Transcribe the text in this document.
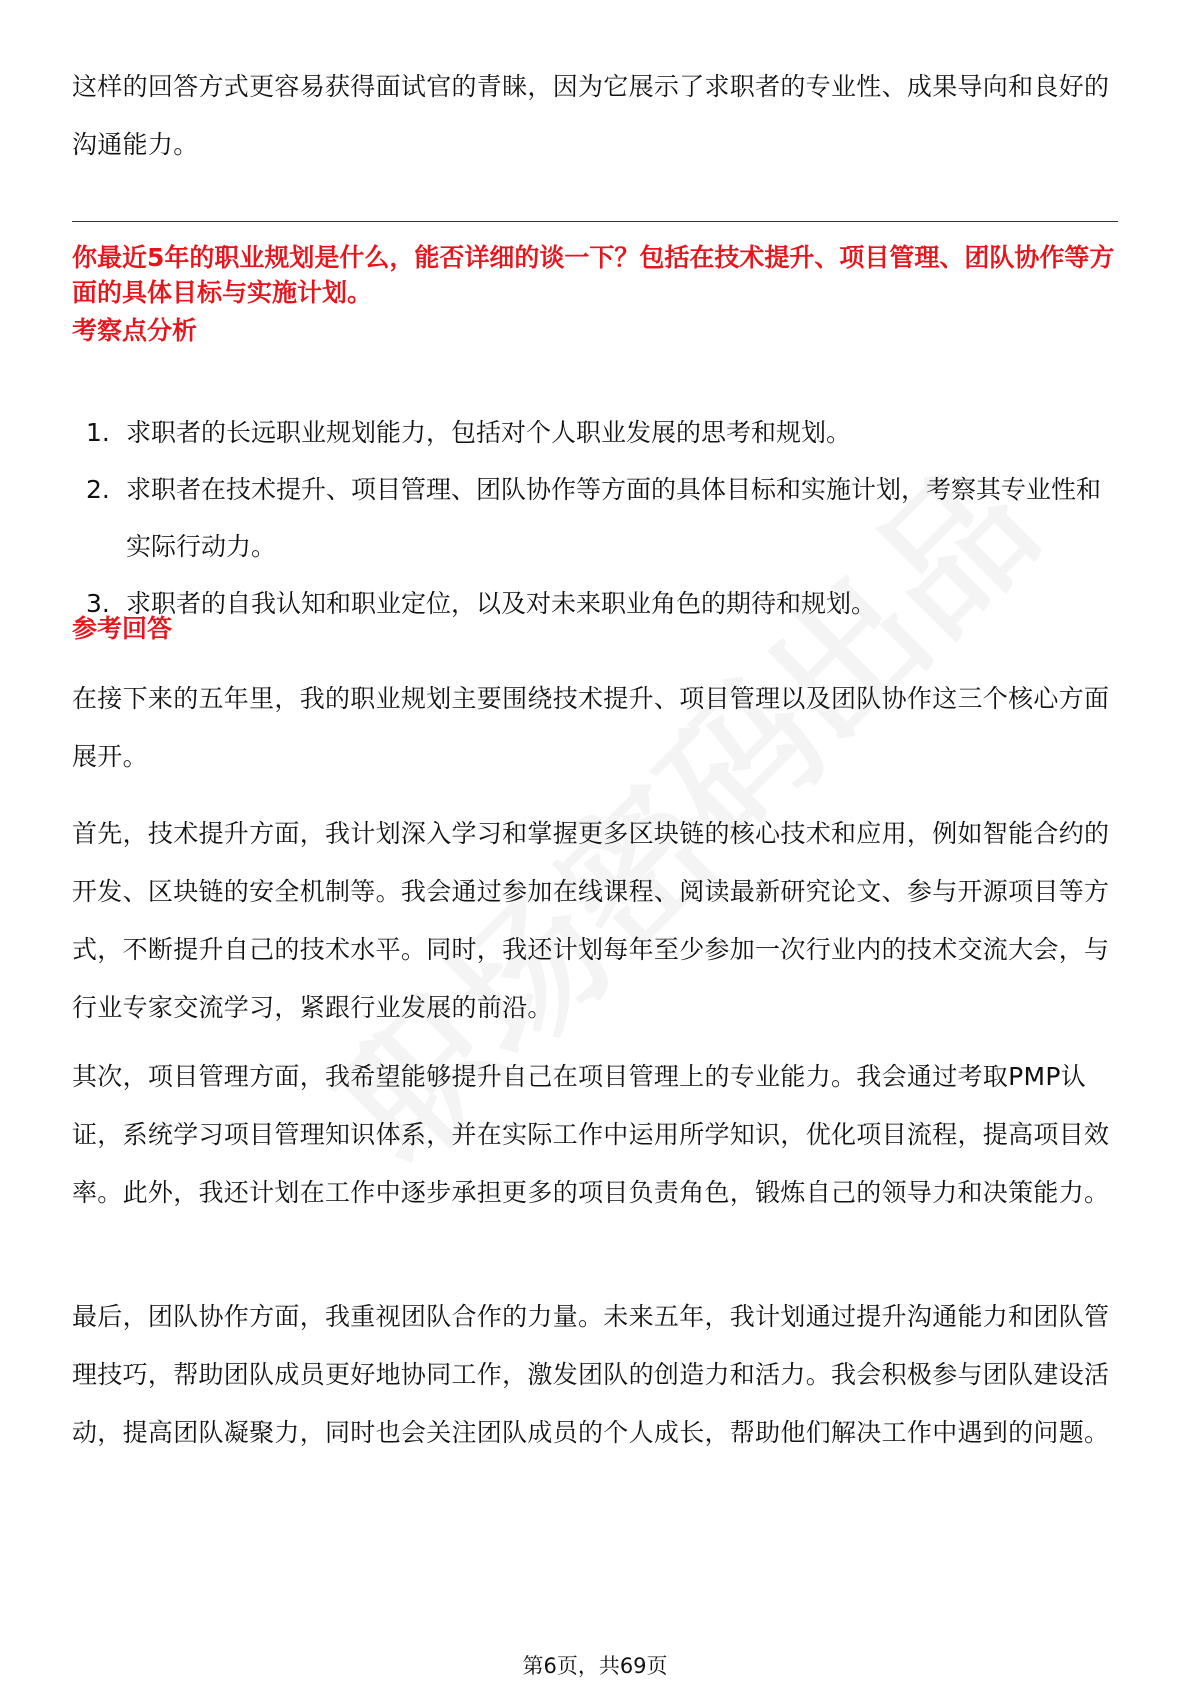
这样的回答方式更容易获得面试官的青睐，因为它展示了求职者的专业性、成果导向和良好的沟通能力。

你最近5年的职业规划是什么，能否详细的谈一下？包括在技术提升、项目管理、团队协作等方面的具体目标与实施计划。

考察点分析
1. 求职者的长远职业规划能力，包括对个人职业发展的思考和规划。
2. 求职者在技术提升、项目管理、团队协作等方面的具体目标和实施计划，考察其专业性和实际行动力。
3. 求职者的自我认知和职业定位，以及对未来职业角色的期待和规划。
参考回答

在接下来的五年里，我的职业规划主要围绕技术提升、项目管理以及团队协作这三个核心方面展开。

首先，技术提升方面，我计划深入学习和掌握更多区块链的核心技术和应用，例如智能合约的开发、区块链的安全机制等。我会通过参加在线课程、阅读最新研究论文、参与开源项目等方式，不断提升自己的技术水平。同时，我还计划每年至少参加一次行业内的技术交流大会，与行业专家交流学习，紧跟行业发展的前沿。

其次，项目管理方面，我希望能够提升自己在项目管理上的专业能力。我会通过考取PMP认证，系统学习项目管理知识体系，并在实际工作中运用所学知识，优化项目流程，提高项目效率。此外，我还计划在工作中逐步承担更多的项目负责角色，锻炼自己的领导力和决策能力。

最后，团队协作方面，我重视团队合作的力量。未来五年，我计划通过提升沟通能力和团队管理技巧，帮助团队成员更好地协同工作，激发团队的创造力和活力。我会积极参与团队建设活动，提高团队凝聚力，同时也会关注团队成员的个人成长，帮助他们解决工作中遇到的问题。

第6页，共69页
